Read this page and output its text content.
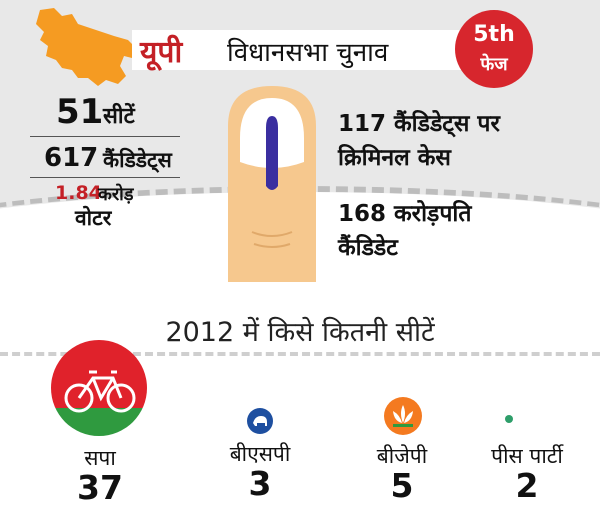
यूपी विधानसभा चुनाव
5th
फेज
51 सीटें
617 कैंडिडेट्स
1.84
करोड़
वोटर
117 कैंडिडेट्स पर
क्रिमिनल केस
168 करोड़पति
कैंडिडेट
2012 में किसे कितनी सीटें
सपा
37
बीएसपी
3
बीजेपी
5
पीस पार्टी
2
